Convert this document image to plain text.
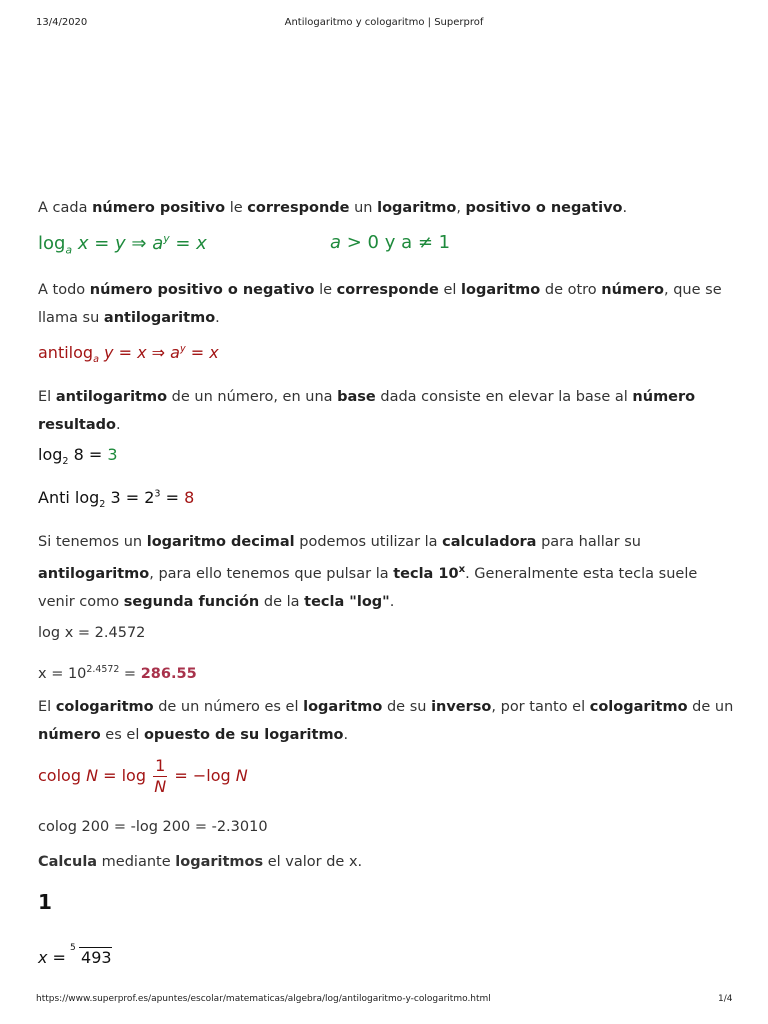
13/4/2020	Antilogaritmo y cologaritmo | Superprof
A cada número positivo le corresponde un logaritmo, positivo o negativo.
$\log_a x = y$ ⇒ $a^y = x$	a > 0 y a ≠ 1
A todo número positivo o negativo le corresponde el logaritmo de otro número, que se llama su antilogaritmo.
antilog$_a$ y = x ⇒ $a^y = x$
El antilogaritmo de un número, en una base dada consiste en elevar la base al número resultado.
$\log_2 8 = 3$
Anti $\log_2 3 = 2^3 = 8$
Si tenemos un logaritmo decimal podemos utilizar la calculadora para hallar su antilogaritmo, para ello tenemos que pulsar la tecla 10$^x$. Generalmente esta tecla suele venir como segunda función de la tecla "log".
log x = 2.4572
$x = 10^{2.4572} = 286.55$
El cologaritmo de un número es el logaritmo de su inverso, por tanto el cologaritmo de un número es el opuesto de su logaritmo.
colog $N = \log \frac{1}{N} = -\log$ N
colog 200 = -log 200 = -2.3010
Calcula mediante logaritmos el valor de x.
1
x = 5 493
https://www.superprof.es/apuntes/escolar/matematicas/algebra/log/antilogaritmo-y-cologaritmo.html	1/4
